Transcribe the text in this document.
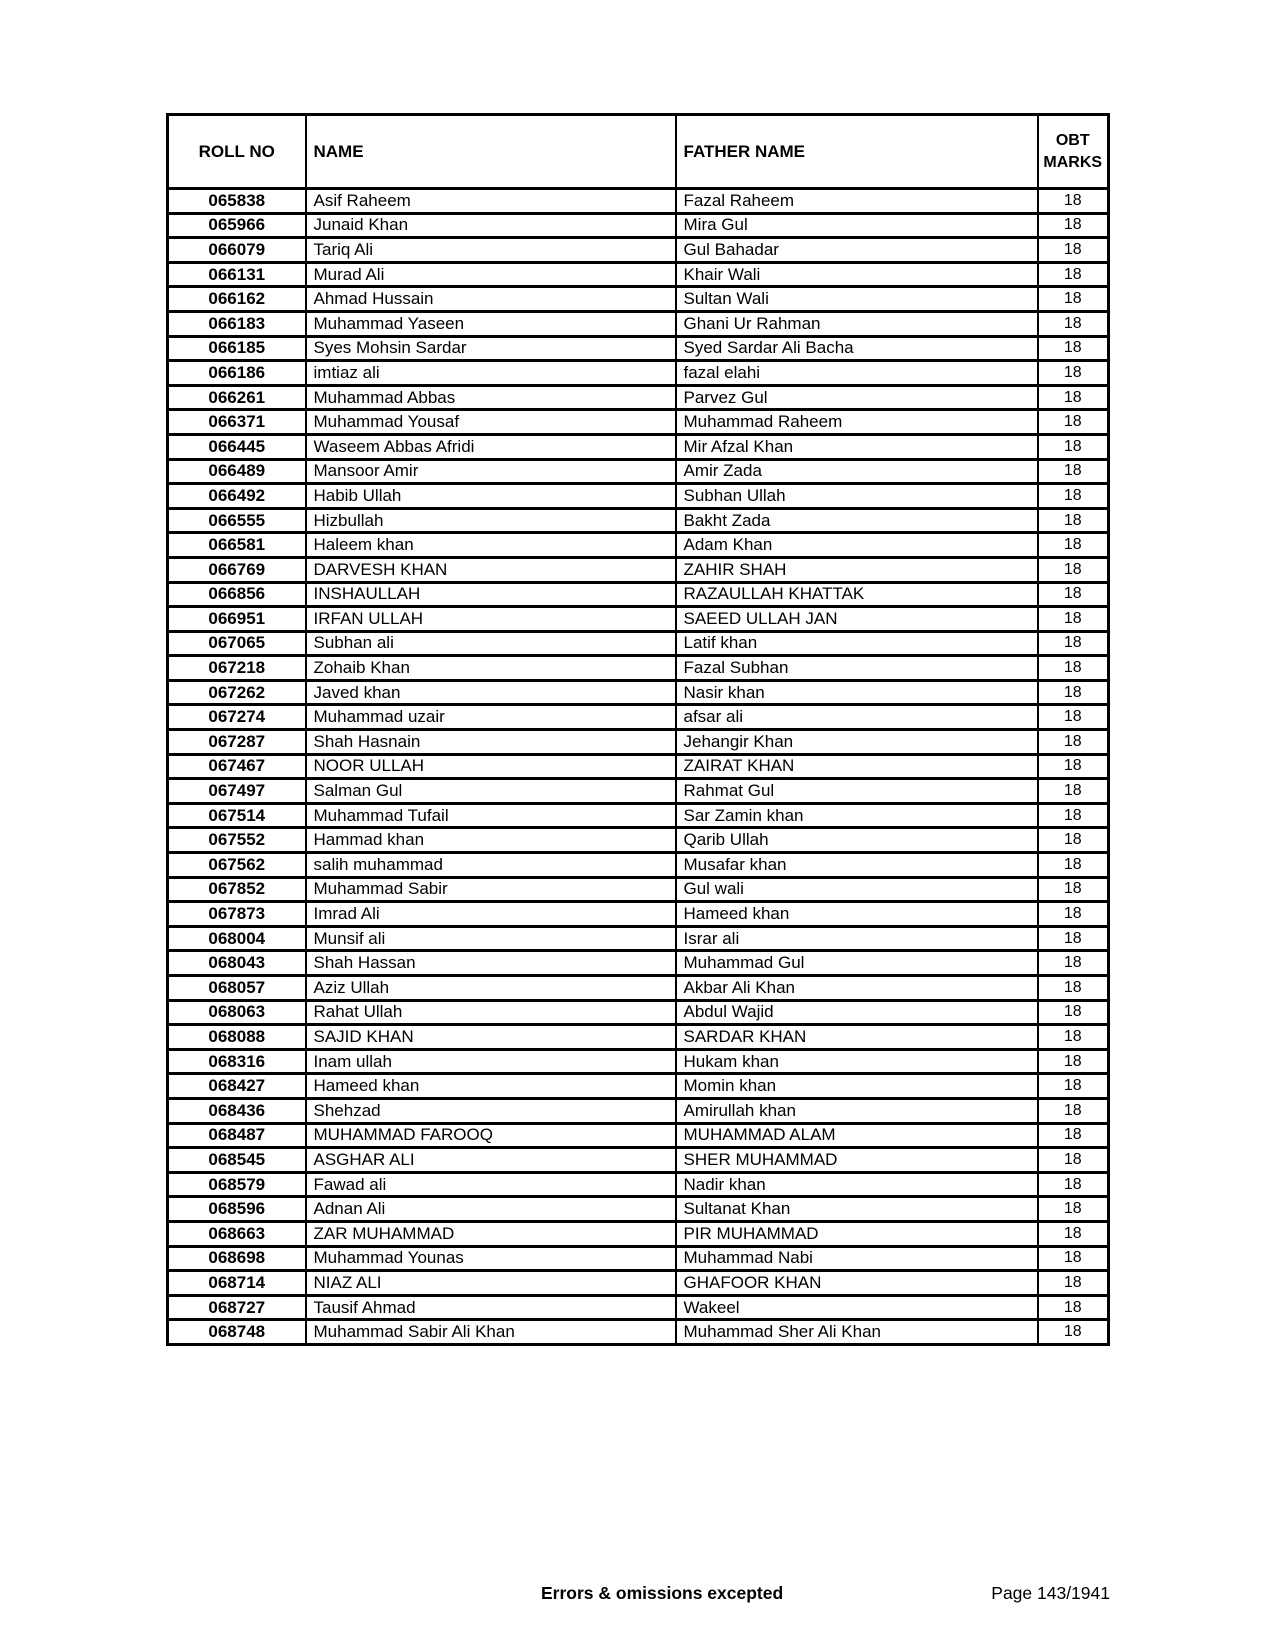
ROLL NO	NAME	FATHER NAME	OBT
MARKS

065838	Asif Raheem	Fazal Raheem	18
065966	Junaid Khan	Mira Gul	18
066079	Tariq Ali	Gul Bahadar	18
066131	Murad Ali	Khair Wali	18
066162	Ahmad Hussain	Sultan Wali	18
066183	Muhammad Yaseen	Ghani Ur Rahman	18
066185	Syes Mohsin Sardar	Syed Sardar Ali Bacha	18
066186	imtiaz ali	fazal elahi	18
066261	Muhammad Abbas	Parvez Gul	18
066371	Muhammad Yousaf	Muhammad Raheem	18
066445	Waseem Abbas Afridi	Mir Afzal Khan	18
066489	Mansoor Amir	Amir Zada	18
066492	Habib Ullah	Subhan Ullah	18
066555	Hizbullah	Bakht Zada	18
066581	Haleem khan	Adam Khan	18
066769	DARVESH KHAN	ZAHIR SHAH	18
066856	INSHAULLAH	RAZAULLAH KHATTAK	18
066951	IRFAN ULLAH	SAEED ULLAH JAN	18
067065	Subhan ali	Latif khan	18
067218	Zohaib Khan	Fazal Subhan	18
067262	Javed khan	Nasir khan	18
067274	Muhammad uzair	afsar ali	18
067287	Shah Hasnain	Jehangir Khan	18
067467	NOOR ULLAH	ZAIRAT KHAN	18
067497	Salman Gul	Rahmat Gul	18
067514	Muhammad Tufail	Sar Zamin khan	18
067552	Hammad khan	Qarib Ullah	18
067562	salih muhammad	Musafar khan	18
067852	Muhammad Sabir	Gul wali	18
067873	Imrad Ali	Hameed khan	18
068004	Munsif ali	Israr ali	18
068043	Shah Hassan	Muhammad Gul	18
068057	Aziz Ullah	Akbar Ali Khan	18
068063	Rahat Ullah	Abdul Wajid	18
068088	SAJID KHAN	SARDAR KHAN	18
068316	Inam ullah	Hukam khan	18
068427	Hameed khan	Momin khan	18
068436	Shehzad	Amirullah khan	18
068487	MUHAMMAD FAROOQ	MUHAMMAD ALAM	18
068545	ASGHAR ALI	SHER MUHAMMAD	18
068579	Fawad ali	Nadir khan	18
068596	Adnan Ali	Sultanat Khan	18
068663	ZAR MUHAMMAD	PIR MUHAMMAD	18
068698	Muhammad Younas	Muhammad Nabi	18
068714	NIAZ ALI	GHAFOOR KHAN	18
068727	Tausif Ahmad	Wakeel	18
068748	Muhammad Sabir Ali Khan	Muhammad Sher Ali Khan	18
Errors & omissions excepted	Page 143/1941
